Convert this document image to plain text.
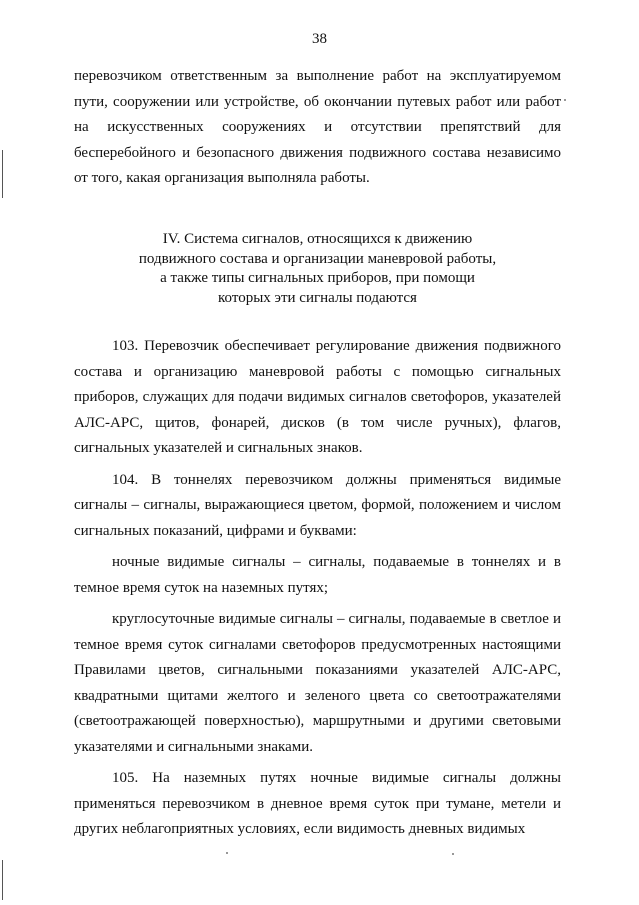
38

перевозчиком ответственным за выполнение работ на эксплуатируемом пути, сооружении или устройстве, об окончании путевых работ или работ на искусственных сооружениях и отсутствии препятствий для бесперебойного и безопасного движения подвижного состава независимо от того, какая организация выполняла работы.

IV. Система сигналов, относящихся к движению
подвижного состава и организации маневровой работы,
а также типы сигнальных приборов, при помощи
которых эти сигналы подаются

103. Перевозчик обеспечивает регулирование движения подвижного состава и организацию маневровой работы с помощью сигнальных приборов, служащих для подачи видимых сигналов светофоров, указателей АЛС-АРС, щитов, фонарей, дисков (в том числе ручных), флагов, сигнальных указателей и сигнальных знаков.

104. В тоннелях перевозчиком должны применяться видимые сигналы – сигналы, выражающиеся цветом, формой, положением и числом сигнальных показаний, цифрами и буквами:

ночные видимые сигналы – сигналы, подаваемые в тоннелях и в темное время суток на наземных путях;

круглосуточные видимые сигналы – сигналы, подаваемые в светлое и темное время суток сигналами светофоров предусмотренных настоящими Правилами цветов, сигнальными показаниями указателей АЛС-АРС, квадратными щитами желтого и зеленого цвета со светоотражателями (светоотражающей поверхностью), маршрутными и другими световыми указателями и сигнальными знаками.

105. На наземных путях ночные видимые сигналы должны применяться перевозчиком в дневное время суток при тумане, метели и других неблагоприятных условиях, если видимость дневных видимых
